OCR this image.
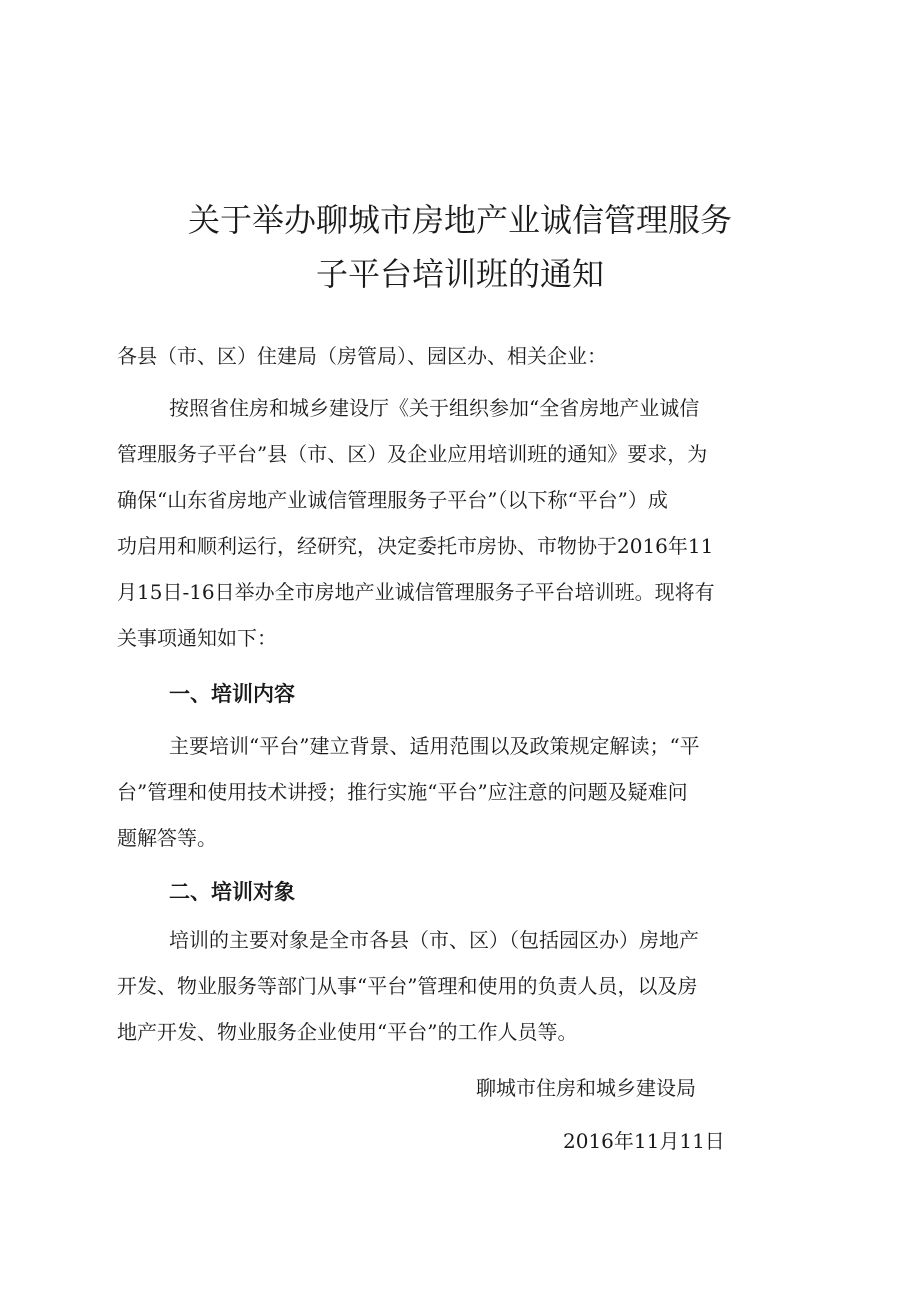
关于举办聊城市房地产业诚信管理服务
子平台培训班的通知
各县（市、区）住建局（房管局）、园区办、相关企业：
按照省住房和城乡建设厅《关于组织参加“全省房地产业诚信
管理服务子平台”县（市、区）及企业应用培训班的通知》要求，为
确保“山东省房地产业诚信管理服务子平台”（以下称“平台”）成
功启用和顺利运行，经研究，决定委托市房协、市物协于2016年11
月15日-16日举办全市房地产业诚信管理服务子平台培训班。现将有
关事项通知如下：
一、培训内容
主要培训“平台”建立背景、适用范围以及政策规定解读；“平
台”管理和使用技术讲授；推行实施“平台”应注意的问题及疑难问
题解答等。
二、培训对象
培训的主要对象是全市各县（市、区）（包括园区办）房地产
开发、物业服务等部门从事“平台”管理和使用的负责人员，以及房
地产开发、物业服务企业使用“平台”的工作人员等。
聊城市住房和城乡建设局
2016年11月11日
